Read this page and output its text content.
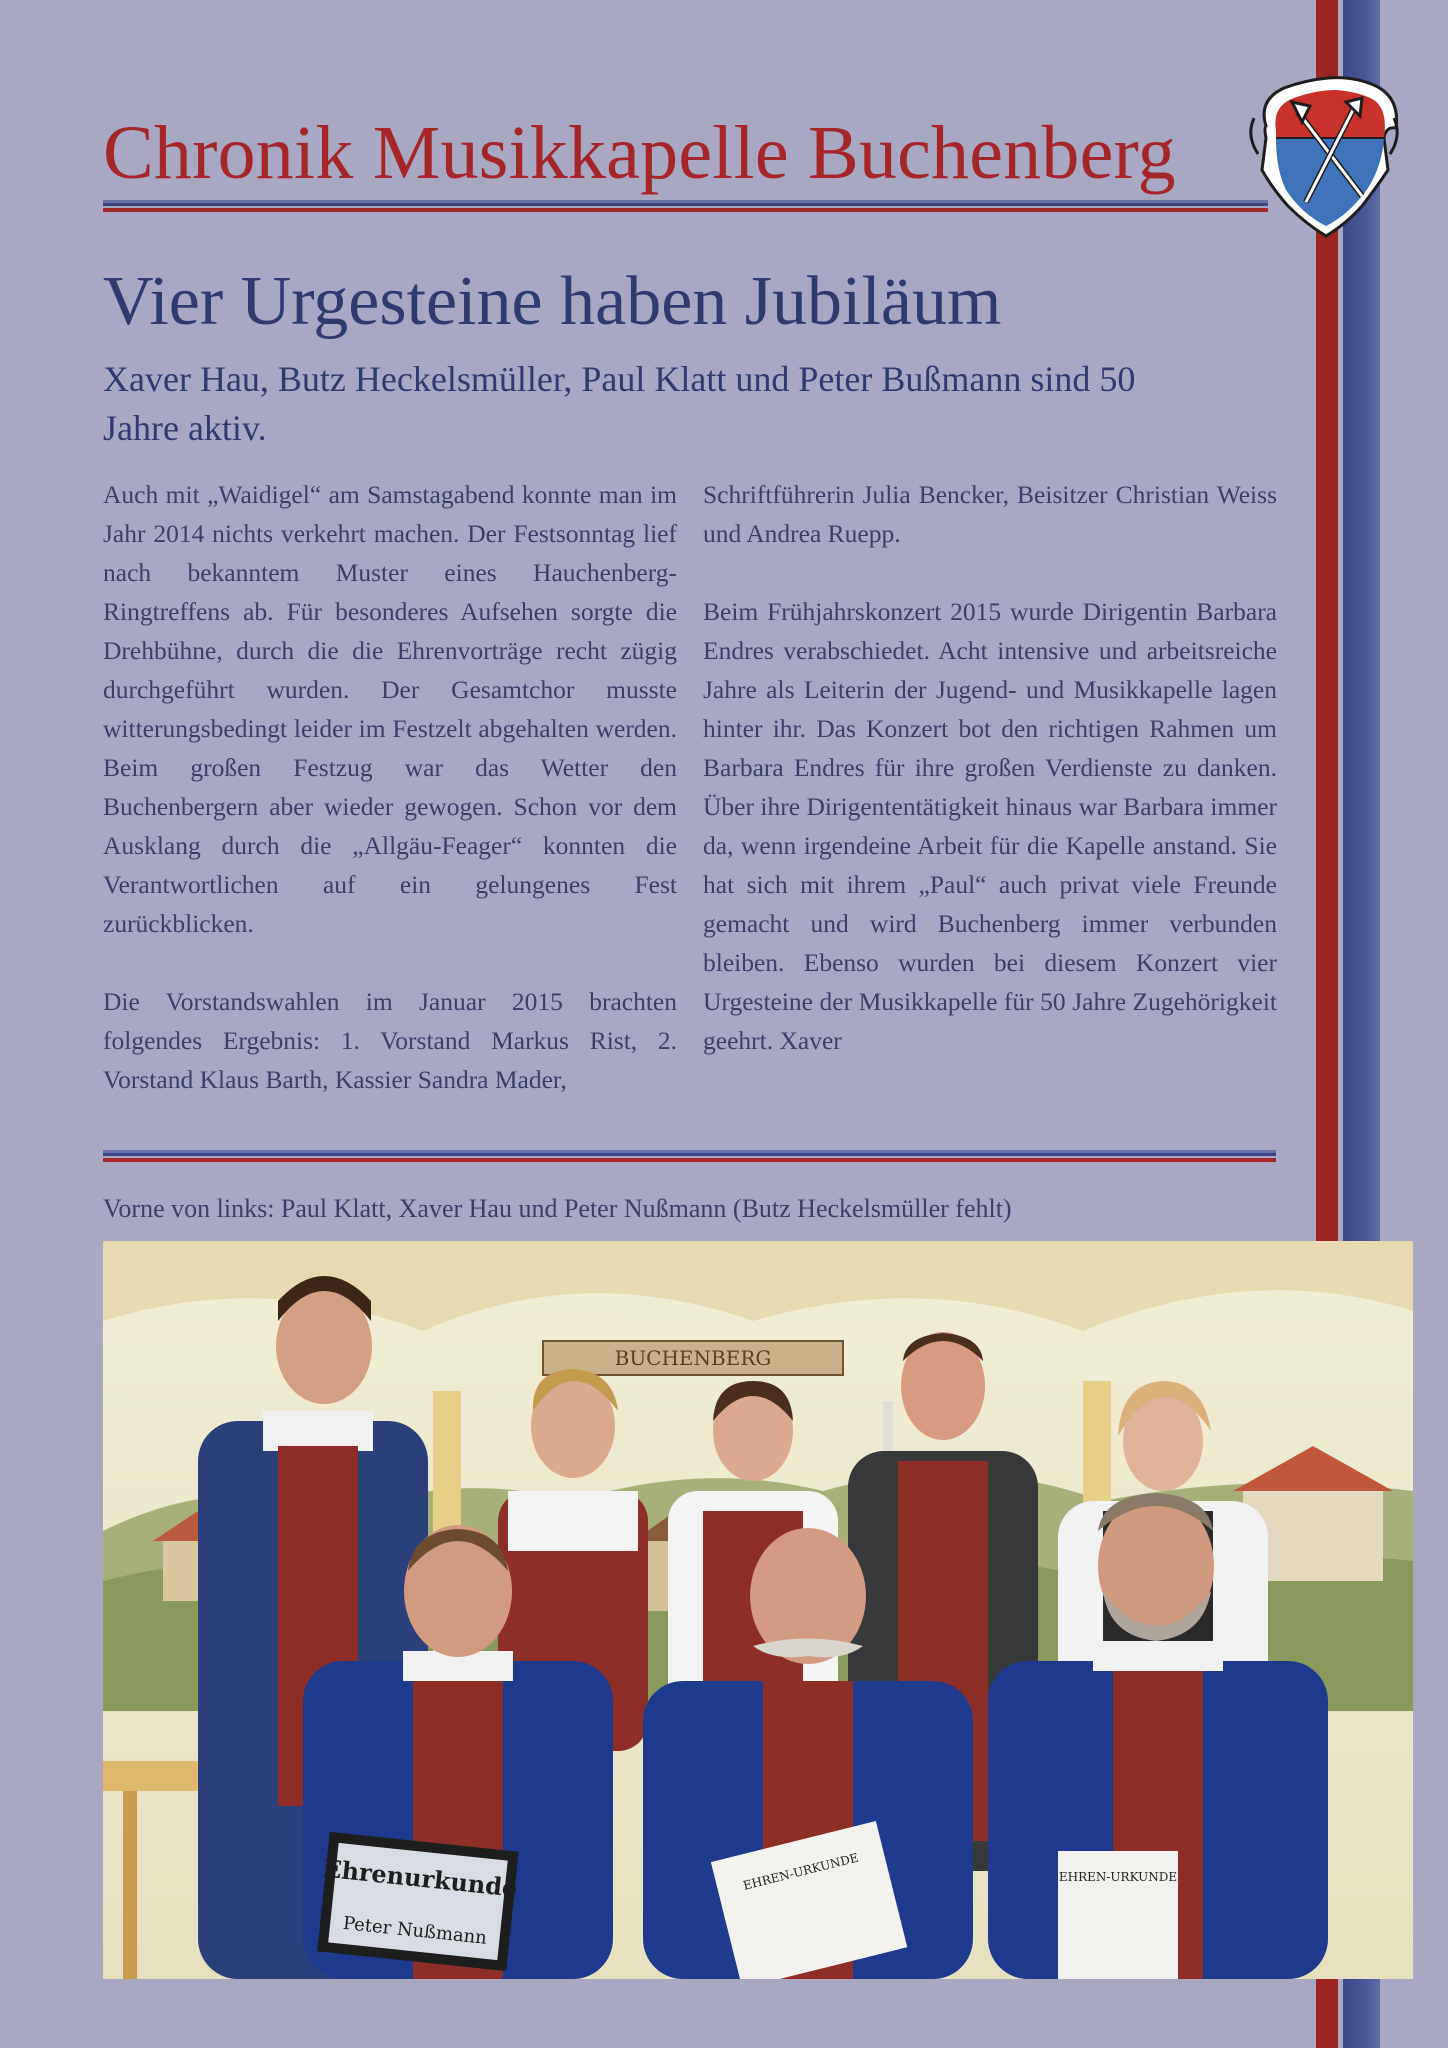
Chronik Musikkapelle Buchenberg
Vier Urgesteine haben Jubiläum
Xaver Hau, Butz Heckelsmüller, Paul Klatt und Peter Bußmann sind 50 Jahre aktiv.

Auch mit „Waidigel“ am Samstagabend konnte man im Jahr 2014 nichts verkehrt machen. Der Festsonntag lief nach bekanntem Muster eines Hauchenberg-Ringtreffens ab. Für besonderes Aufsehen sorgte die Drehbühne, durch die die Ehrenvorträge recht zügig durchgeführt wurden. Der Gesamtchor musste witterungsbedingt leider im Festzelt abgehalten werden. Beim großen Festzug war das Wetter den Buchenbergern aber wieder gewogen. Schon vor dem Ausklang durch die „Allgäu-Feager“ konnten die Verantwortlichen auf ein gelungenes Fest zurückblicken.

Die Vorstandswahlen im Januar 2015 brachten folgendes Ergebnis: 1. Vorstand Markus Rist, 2. Vorstand Klaus Barth, Kassier Sandra Mader,

Schriftführerin Julia Bencker, Beisitzer Christian Weiss und Andrea Ruepp.

Beim Frühjahrskonzert 2015 wurde Dirigentin Barbara Endres verabschiedet. Acht intensive und arbeitsreiche Jahre als Leiterin der Jugend- und Musikkapelle lagen hinter ihr. Das Konzert bot den richtigen Rahmen um Barbara Endres für ihre großen Verdienste zu danken. Über ihre Dirigententätigkeit hinaus war Barbara immer da, wenn irgendeine Arbeit für die Kapelle anstand. Sie hat sich mit ihrem „Paul“ auch privat viele Freunde gemacht und wird Buchenberg immer verbunden bleiben. Ebenso wurden bei diesem Konzert vier Urgesteine der Musikkapelle für 50 Jahre Zugehörigkeit geehrt. Xaver

Vorne von links: Paul Klatt, Xaver Hau und Peter Nußmann (Butz Heckelsmüller fehlt)

BUCHENBERG
Ehrenurkunde
Peter Nußmann
EHREN-URKUNDE	EHREN-URKUNDE
